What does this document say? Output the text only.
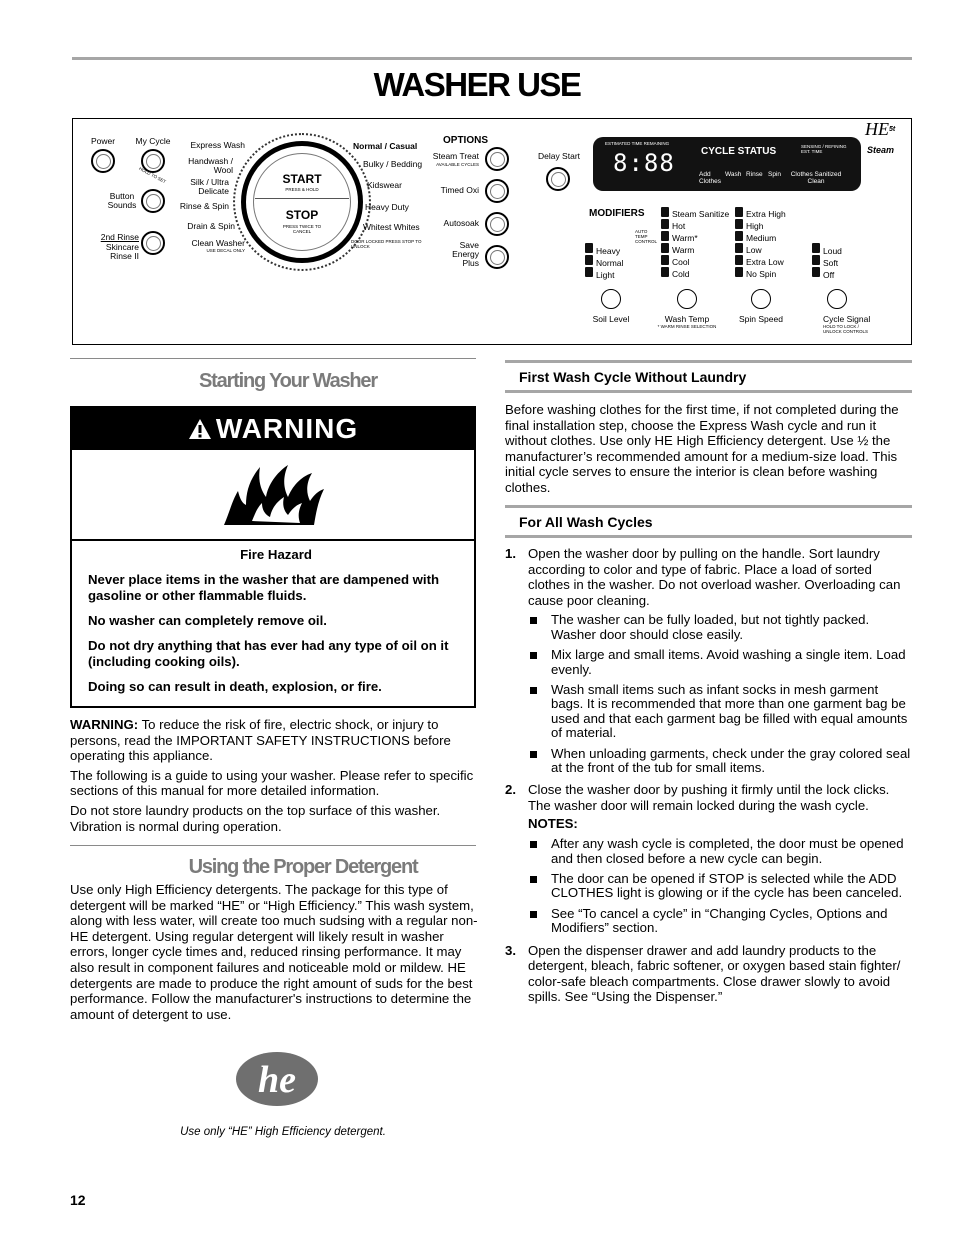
WASHER USE
Power	My Cycle
HOLD TO SET
Button Sounds
2nd Rinse
Skincare Rinse II
Express Wash
Handwash / Wool
Silk / Ultra Delicate
Rinse & Spin
Drain & Spin
Clean Washer
USE DECAL ONLY
START
PRESS & HOLD
STOP
PRESS TWICE TO CANCEL
Normal / Casual
Bulky / Bedding
Kidswear
Heavy Duty
Whitest Whites
DOOR LOCKED PRESS STOP TO UNLOCK
OPTIONS
Steam Treat
AVAILABLE CYCLES
Timed Oxi
Autosoak
Save Energy Plus
Delay Start
ESTIMATED TIME REMAINING
8:88	CYCLE STATUS	SENSING / REFINING EST. TIME
Add Clothes
Wash Rinse Spin	Clothes Sanitized Clean
HE 5t
Steam
MODIFIERS
Heavy
Normal
Light
AUTO TEMP CONTROL
Steam Sanitize
Hot
Warm*
Warm
Cool
Cold
Extra High
High
Medium
Low
Extra Low
No Spin
Loud
Soft
Off
Soil Level	Wash Temp
* WARM RINSE SELECTION
Spin Speed	Cycle Signal
HOLD TO LOCK / UNLOCK CONTROLS
Starting Your Washer
WARNING

Fire Hazard

Never place items in the washer that are dampened with gasoline or other flammable fluids.

No washer can completely remove oil.

Do not dry anything that has ever had any type of oil on it (including cooking oils).

Doing so can result in death, explosion, or fire.

WARNING: To reduce the risk of fire, electric shock, or injury to persons, read the IMPORTANT SAFETY INSTRUCTIONS before operating this appliance.

The following is a guide to using your washer. Please refer to specific sections of this manual for more detailed information.

Do not store laundry products on the top surface of this washer. Vibration is normal during operation.

Using the Proper Detergent

Use only High Efficiency detergents. The package for this type of detergent will be marked “HE” or “High Efficiency.” This wash system, along with less water, will create too much sudsing with a regular non-HE detergent. Using regular detergent will likely result in washer errors, longer cycle times and, reduced rinsing performance. It may also result in component failures and noticeable mold or mildew. HE detergents are made to produce the right amount of suds for the best performance. Follow the manufacturer's instructions to determine the amount of detergent to use.

he
Use only “HE” High Efficiency detergent.
First Wash Cycle Without Laundry

Before washing clothes for the first time, if not completed during the final installation step, choose the Express Wash cycle and run it without clothes. Use only HE High Efficiency detergent. Use ½ the manufacturer’s recommended amount for a medium-size load. This initial cycle serves to ensure the interior is clean before washing clothes.

For All Wash Cycles
1. Open the washer door by pulling on the handle. Sort laundry according to color and type of fabric. Place a load of sorted clothes in the washer. Do not overload washer. Overloading can cause poor cleaning.
The washer can be fully loaded, but not tightly packed. Washer door should close easily.
Mix large and small items. Avoid washing a single item. Load evenly.
Wash small items such as infant socks in mesh garment bags. It is recommended that more than one garment bag be used and that each garment bag be filled with equal amounts of material.
When unloading garments, check under the gray colored seal at the front of the tub for small items.
2. Close the washer door by pushing it firmly until the lock clicks. The washer door will remain locked during the wash cycle.
NOTES:
After any wash cycle is completed, the door must be opened and then closed before a new cycle can begin.
The door can be opened if STOP is selected while the ADD CLOTHES light is glowing or if the cycle has been canceled.
See “To cancel a cycle” in “Changing Cycles, Options and Modifiers” section.
3. Open the dispenser drawer and add laundry products to the detergent, bleach, fabric softener, or oxygen based stain fighter/ color-safe bleach compartments. Close drawer slowly to avoid spills. See “Using the Dispenser.”
12
